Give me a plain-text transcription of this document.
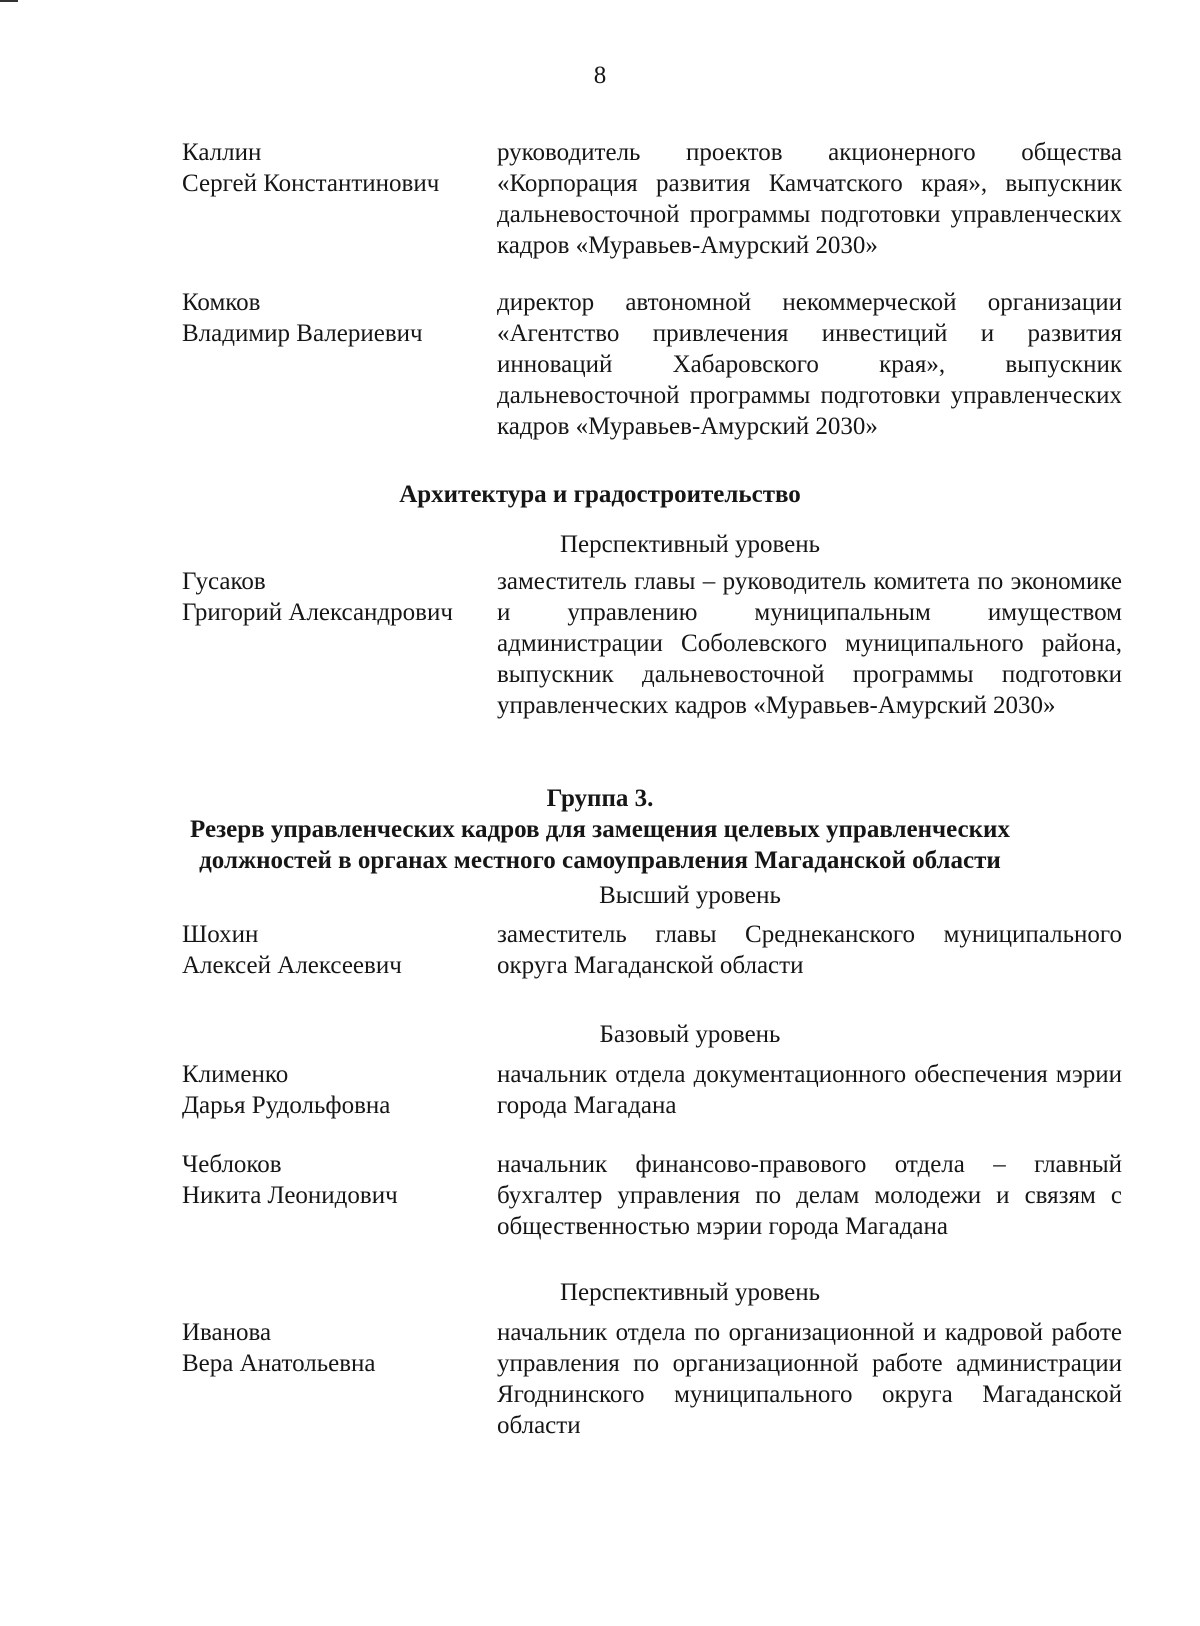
8
Каллин
Сергей Константинович
руководитель проектов акционерного общества «Корпорация развития Камчатского края», выпускник дальневосточной программы подготовки управленческих кадров «Муравьев-Амурский 2030»
Комков
Владимир Валериевич
директор автономной некоммерческой организации «Агентство привлечения инвестиций и развития инноваций Хабаровского края», выпускник дальневосточной программы подготовки управленческих кадров «Муравьев-Амурский 2030»
Архитектура и градостроительство
Перспективный уровень
Гусаков
Григорий Александрович
заместитель главы – руководитель комитета по экономике и управлению муниципальным имуществом администрации Соболевского муниципального района, выпускник дальневосточной программы подготовки управленческих кадров «Муравьев-Амурский 2030»
Группа 3.
Резерв управленческих кадров для замещения целевых управленческих
должностей в органах местного самоуправления Магаданской области
Высший уровень
Шохин
Алексей Алексеевич
заместитель главы Среднеканского муниципального округа Магаданской области
Базовый уровень
Клименко
Дарья Рудольфовна
начальник отдела документационного обеспечения мэрии города Магадана
Чеблоков
Никита Леонидович
начальник финансово-правового отдела – главный бухгалтер управления по делам молодежи и связям с общественностью мэрии города Магадана
Перспективный уровень
Иванова
Вера Анатольевна
начальник отдела по организационной и кадровой работе управления по организационной работе администрации Ягоднинского муниципального округа Магаданской области
